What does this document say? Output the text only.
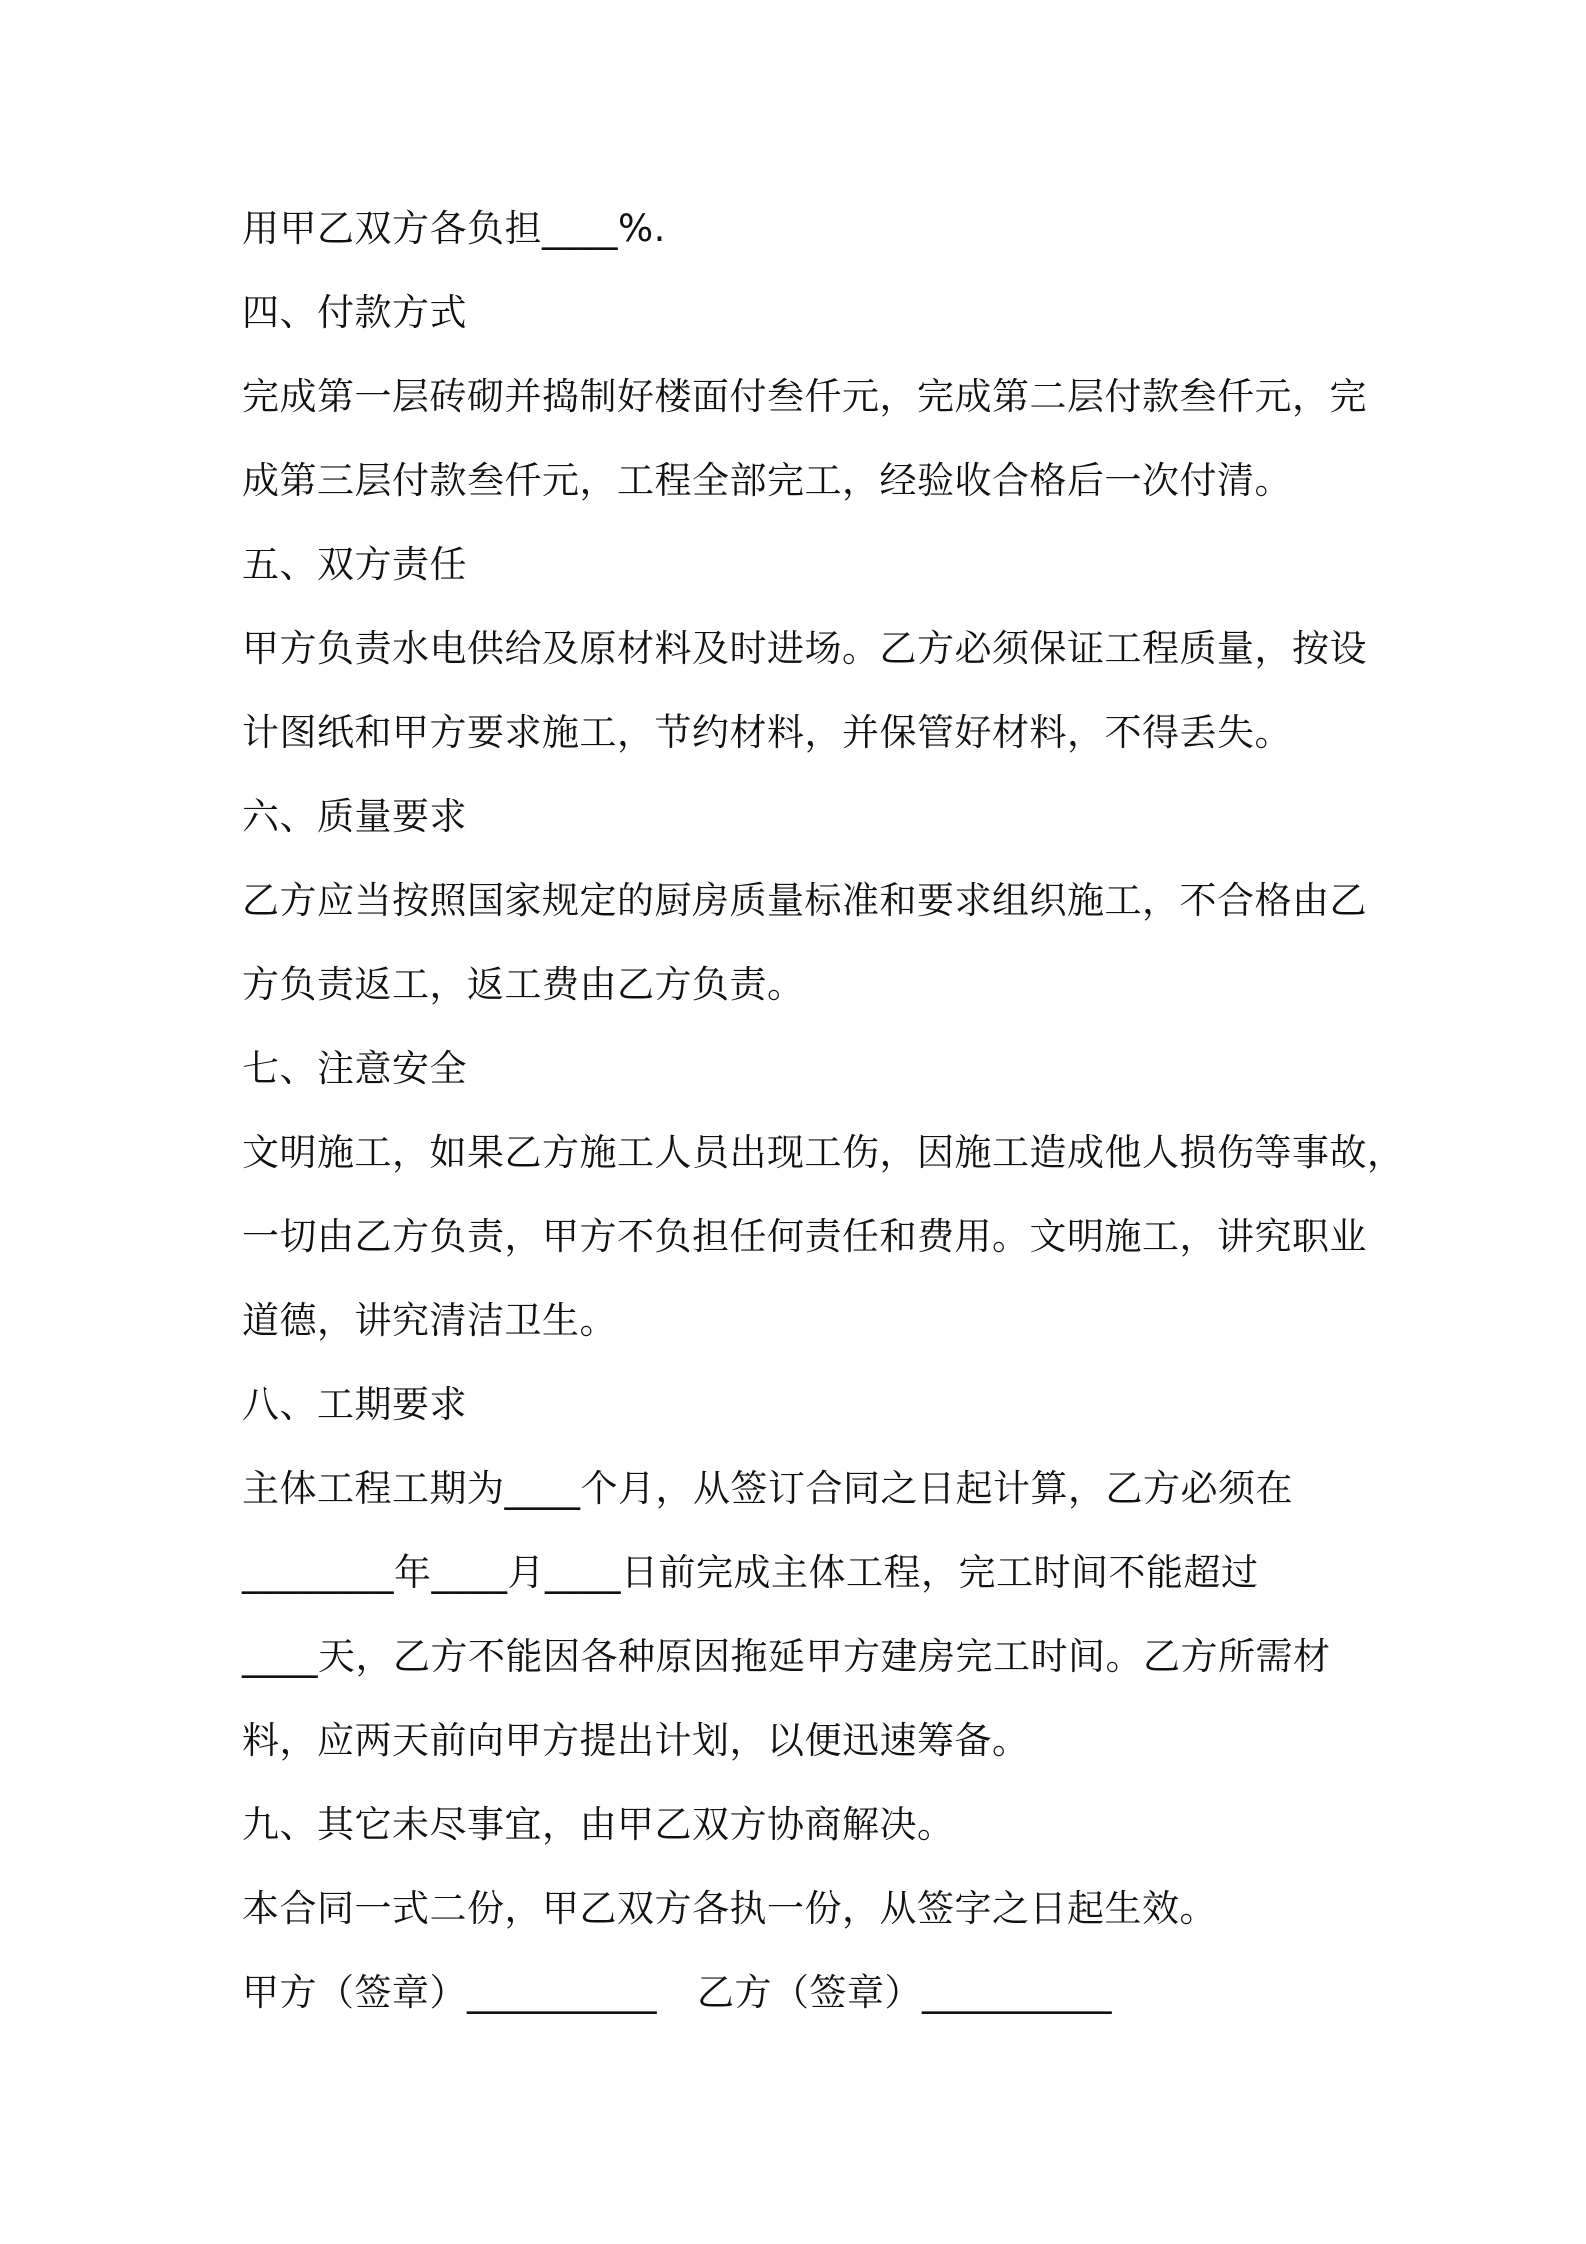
用甲乙双方各负担____%.
四、付款方式
完成第一层砖砌并捣制好楼面付叁仟元，完成第二层付款叁仟元，完
成第三层付款叁仟元，工程全部完工，经验收合格后一次付清。
五、双方责任
甲方负责水电供给及原材料及时进场。乙方必须保证工程质量，按设
计图纸和甲方要求施工，节约材料，并保管好材料，不得丢失。
六、质量要求
乙方应当按照国家规定的厨房质量标准和要求组织施工，不合格由乙
方负责返工，返工费由乙方负责。
七、注意安全
文明施工，如果乙方施工人员出现工伤，因施工造成他人损伤等事故，
一切由乙方负责，甲方不负担任何责任和费用。文明施工，讲究职业
道德，讲究清洁卫生。
八、工期要求
主体工程工期为____个月，从签订合同之日起计算，乙方必须在
________年____月____日前完成主体工程，完工时间不能超过
____天，乙方不能因各种原因拖延甲方建房完工时间。乙方所需材
料，应两天前向甲方提出计划，以便迅速筹备。
九、其它未尽事宜，由甲乙双方协商解决。
本合同一式二份，甲乙双方各执一份，从签字之日起生效。
甲方（签章）__________ 乙方（签章）__________
